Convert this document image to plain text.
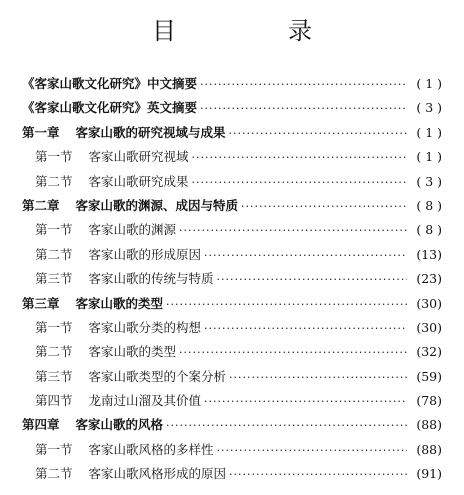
目　录
《客家山歌文化研究》中文摘要 ·····	( 1 )
《客家山歌文化研究》英文摘要 ·····	( 3 )
第一章 客家山歌的研究视域与成果 ·····	( 1 )
第一节 客家山歌研究视域 ·····	( 1 )
第二节 客家山歌研究成果 ·····	( 3 )
第二章 客家山歌的渊源、成因与特质 ·····	( 8 )
第一节 客家山歌的渊源 ·····	( 8 )
第二节 客家山歌的形成原因 ·····	(13)
第三节 客家山歌的传统与特质 ·····	(23)
第三章 客家山歌的类型 ·····	(30)
第一节 客家山歌分类的构想 ·····	(30)
第二节 客家山歌的类型 ·····	(32)
第三节 客家山歌类型的个案分析 ·····	(59)
第四节 龙南过山溜及其价值 ·····	(78)
第四章 客家山歌的风格 ·····	(88)
第一节 客家山歌风格的多样性 ·····	(88)
第二节 客家山歌风格形成的原因 ·····	(91)
